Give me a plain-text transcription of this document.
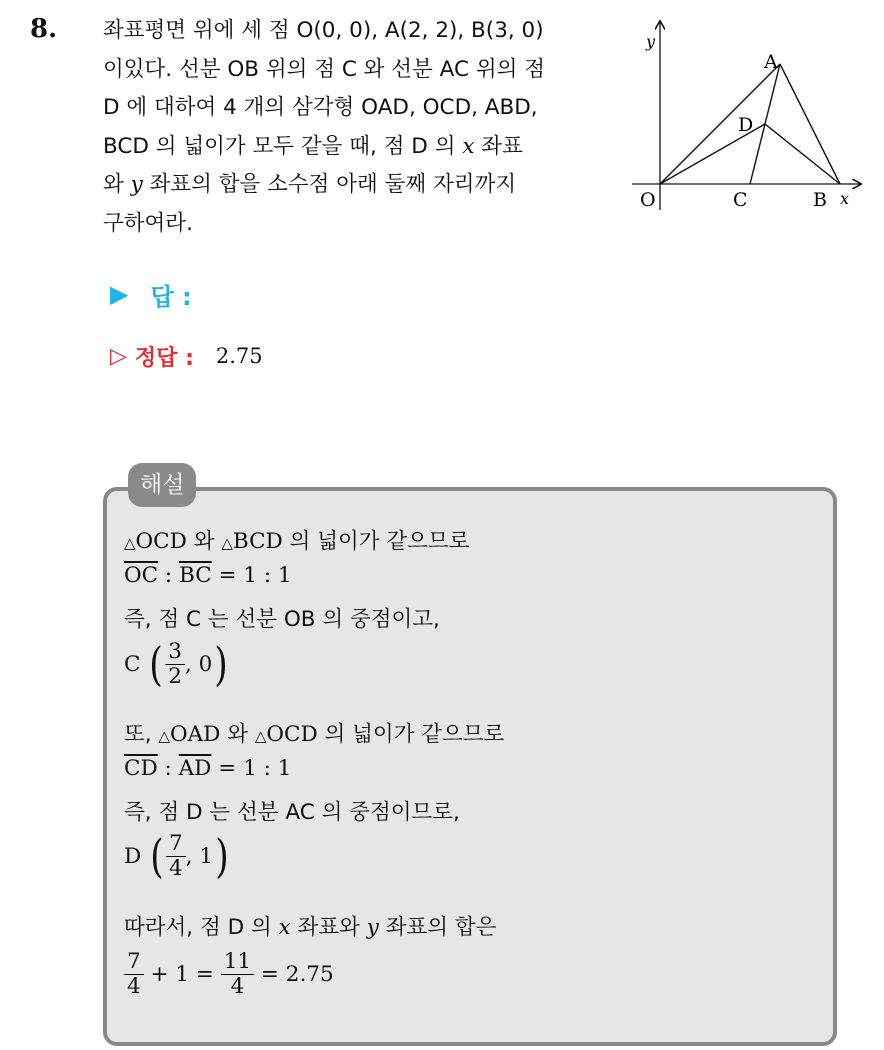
8. 좌표평면 위에 세 점 O(0, 0), A(2, 2), B(3, 0)
이있다. 선분 OB 위의 점 C 와 선분 AC 위의 점
D 에 대하여 4 개의 삼각형 OAD, OCD, ABD,
BCD 의 넓이가 모두 같을 때, 점 D 의 x 좌표
와 y 좌표의 합을 소수점 아래 둘째 자리까지
구하여라.
y
x
A
D
O	C	B
▶ 답 :
▷ 정답 : 2.75
해설
△OCD 와 △BCD 의 넓이가 같으므로
$\overline{OC}$ : $\overline{BC} = 1$ : 1
즉, 점 C 는 선분 OB 의 중점이고,
C
( $\frac{3}{2}$ , 0 )
또, △OAD 와 △OCD 의 넓이가 같으므로
$\overline{CD}$ : $\overline{AD} = 1$ : 1
즉, 점 D 는 선분 AC 의 중점이므로,
D
( $\frac{7}{4}$ , 1 )
따라서, 점 D 의 x 좌표와 y 좌표의 합은
$\frac{7}{4} + 1 = \frac{11}{4} = 2.75$
